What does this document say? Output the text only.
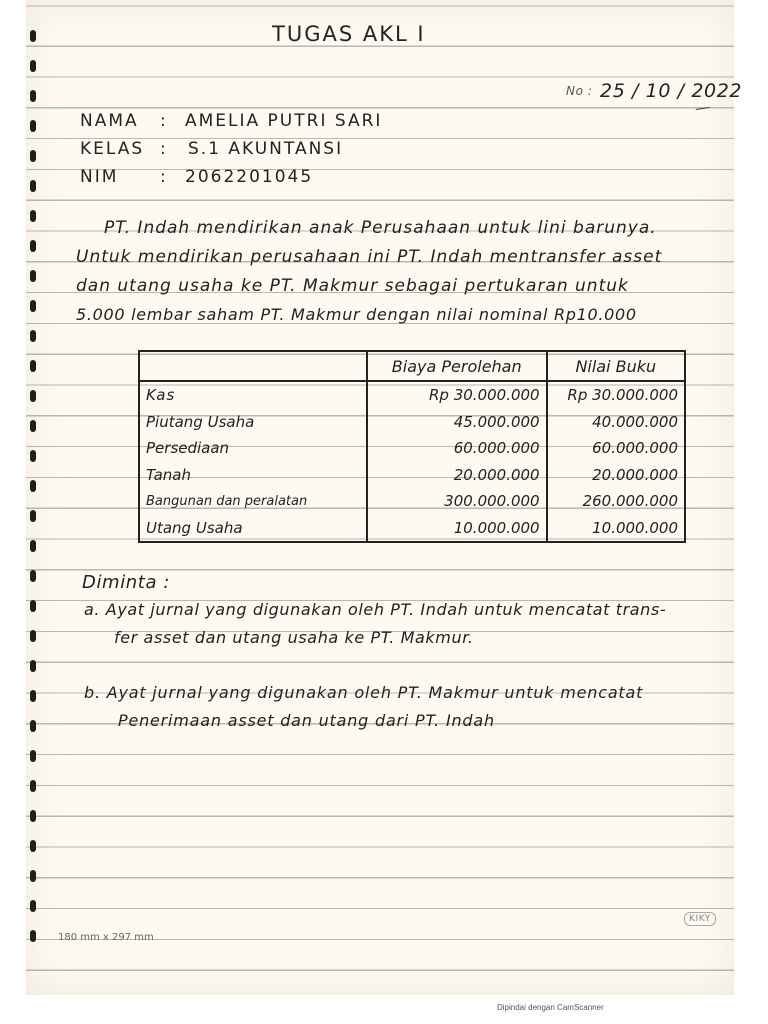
TUGAS AKL I
No : 25 / 10 / 2022
NAMA : AMELIA PUTRI SARI
KELAS : S.1 AKUNTANSI
NIM : 2062201045
PT. Indah mendirikan anak Perusahaan untuk lini barunya.
Untuk mendirikan perusahaan ini PT. Indah mentransfer asset
dan utang usaha ke PT. Makmur sebagai pertukaran untuk
5.000 lembar saham PT. Makmur dengan nilai nominal Rp10.000
	Biaya Perolehan	Nilai Buku
Kas	Rp 30.000.000	Rp 30.000.000
Piutang Usaha	45.000.000	40.000.000
Persediaan	60.000.000	60.000.000
Tanah	20.000.000	20.000.000
Bangunan dan peralatan	300.000.000	260.000.000
Utang Usaha	10.000.000	10.000.000
Diminta :
a. Ayat jurnal yang digunakan oleh PT. Indah untuk mencatat trans-
fer asset dan utang usaha ke PT. Makmur.
b. Ayat jurnal yang digunakan oleh PT. Makmur untuk mencatat
Penerimaan asset dan utang dari PT. Indah
180 mm x 297 mm
KIKY
Dipindai dengan CamScanner
